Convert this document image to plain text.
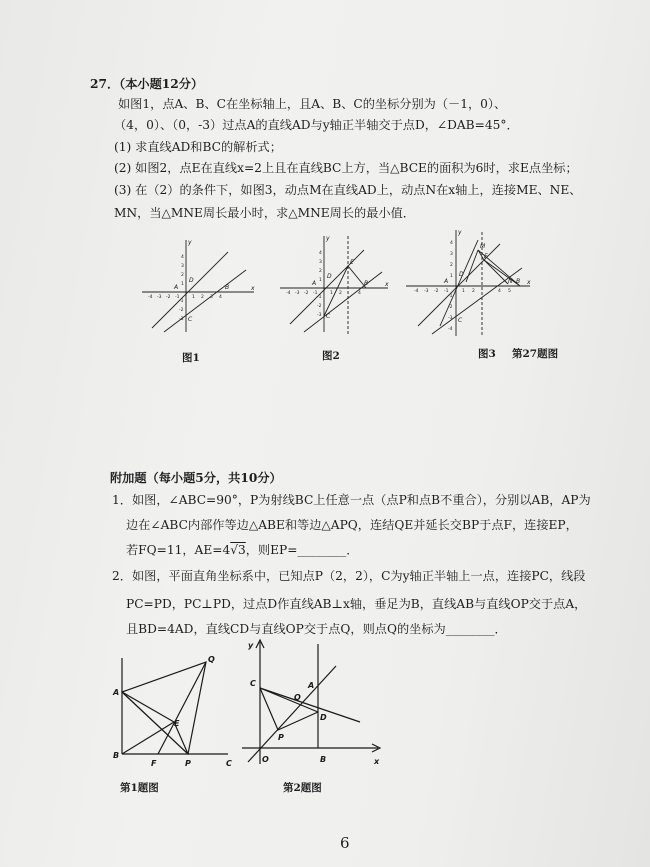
27．（本小题12分）
如图1，点A、B、C在坐标轴上，且A、B、C的坐标分别为（－1，0）、
（4，0）、（0，-3）过点A的直线AD与y轴正半轴交于点D，∠DAB=45°．
(1) 求直线AD和BC的解析式；
(2) 如图2，点E在直线x=2上且在直线BC上方，当△BCE的面积为6时，求E点坐标；
(3) 在（2）的条件下，如图3，动点M在直线AD上，动点N在x轴上，连接ME、NE、
MN，当△MNE周长最小时，求△MNE周长的最小值．
-4 -3 -2 -1	1 2 3 4
4
3
2
1
-1
-2
-3
y
x
A
D
B
C
-4 -3 -2 -1	1 2	4
4
3
2
1
-1
-2
-3
y
x
A
D
E
B
C
-4 -3 -2 -1	1 2	4 5
4
3
2
1
-1
-2
-3
-4
y
x
M
E
N
D
A	B
C
图1	图2	图3 第27题图
附加题（每小题5分，共10分）
1．如图，∠ABC=90°，P为射线BC上任意一点（点P和点B不重合），分别以AB，AP为
边在∠ABC内部作等边△ABE和等边△APQ，连结QE并延长交BP于点F，连接EP，
若FQ=11，AE=4√3，则EP=________．
2．如图，平面直角坐标系中，已知点P（2，2），C为y轴正半轴上一点，连接PC，线段
PC=PD，PC⊥PD，过点D作直线AB⊥x轴，垂足为B，直线AB与直线OP交于点A，
且BD=4AD，直线CD与直线OP交于点Q，则点Q的坐标为________．
A
B
Q
E
F	P	C
y
x
O
C	A
Q
D
P
B
第1题图	第2题图
6
